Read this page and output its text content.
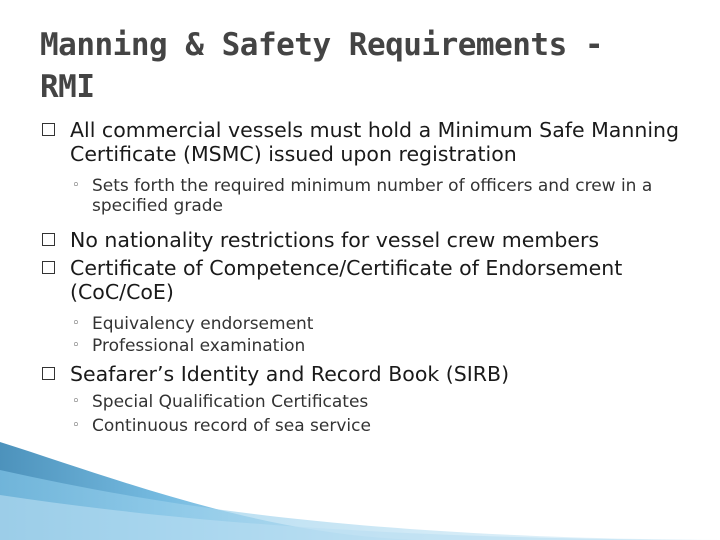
Manning & Safety Requirements -
RMI
All commercial vessels must hold a Minimum Safe Manning Certificate (MSMC) issued upon registration
◦ Sets forth the required minimum number of officers and crew in a specified grade
No nationality restrictions for vessel crew members
Certificate of Competence/Certificate of Endorsement (CoC/CoE)
◦ Equivalency endorsement
◦ Professional examination
Seafarer’s Identity and Record Book (SIRB)
◦ Special Qualification Certificates
◦ Continuous record of sea service
